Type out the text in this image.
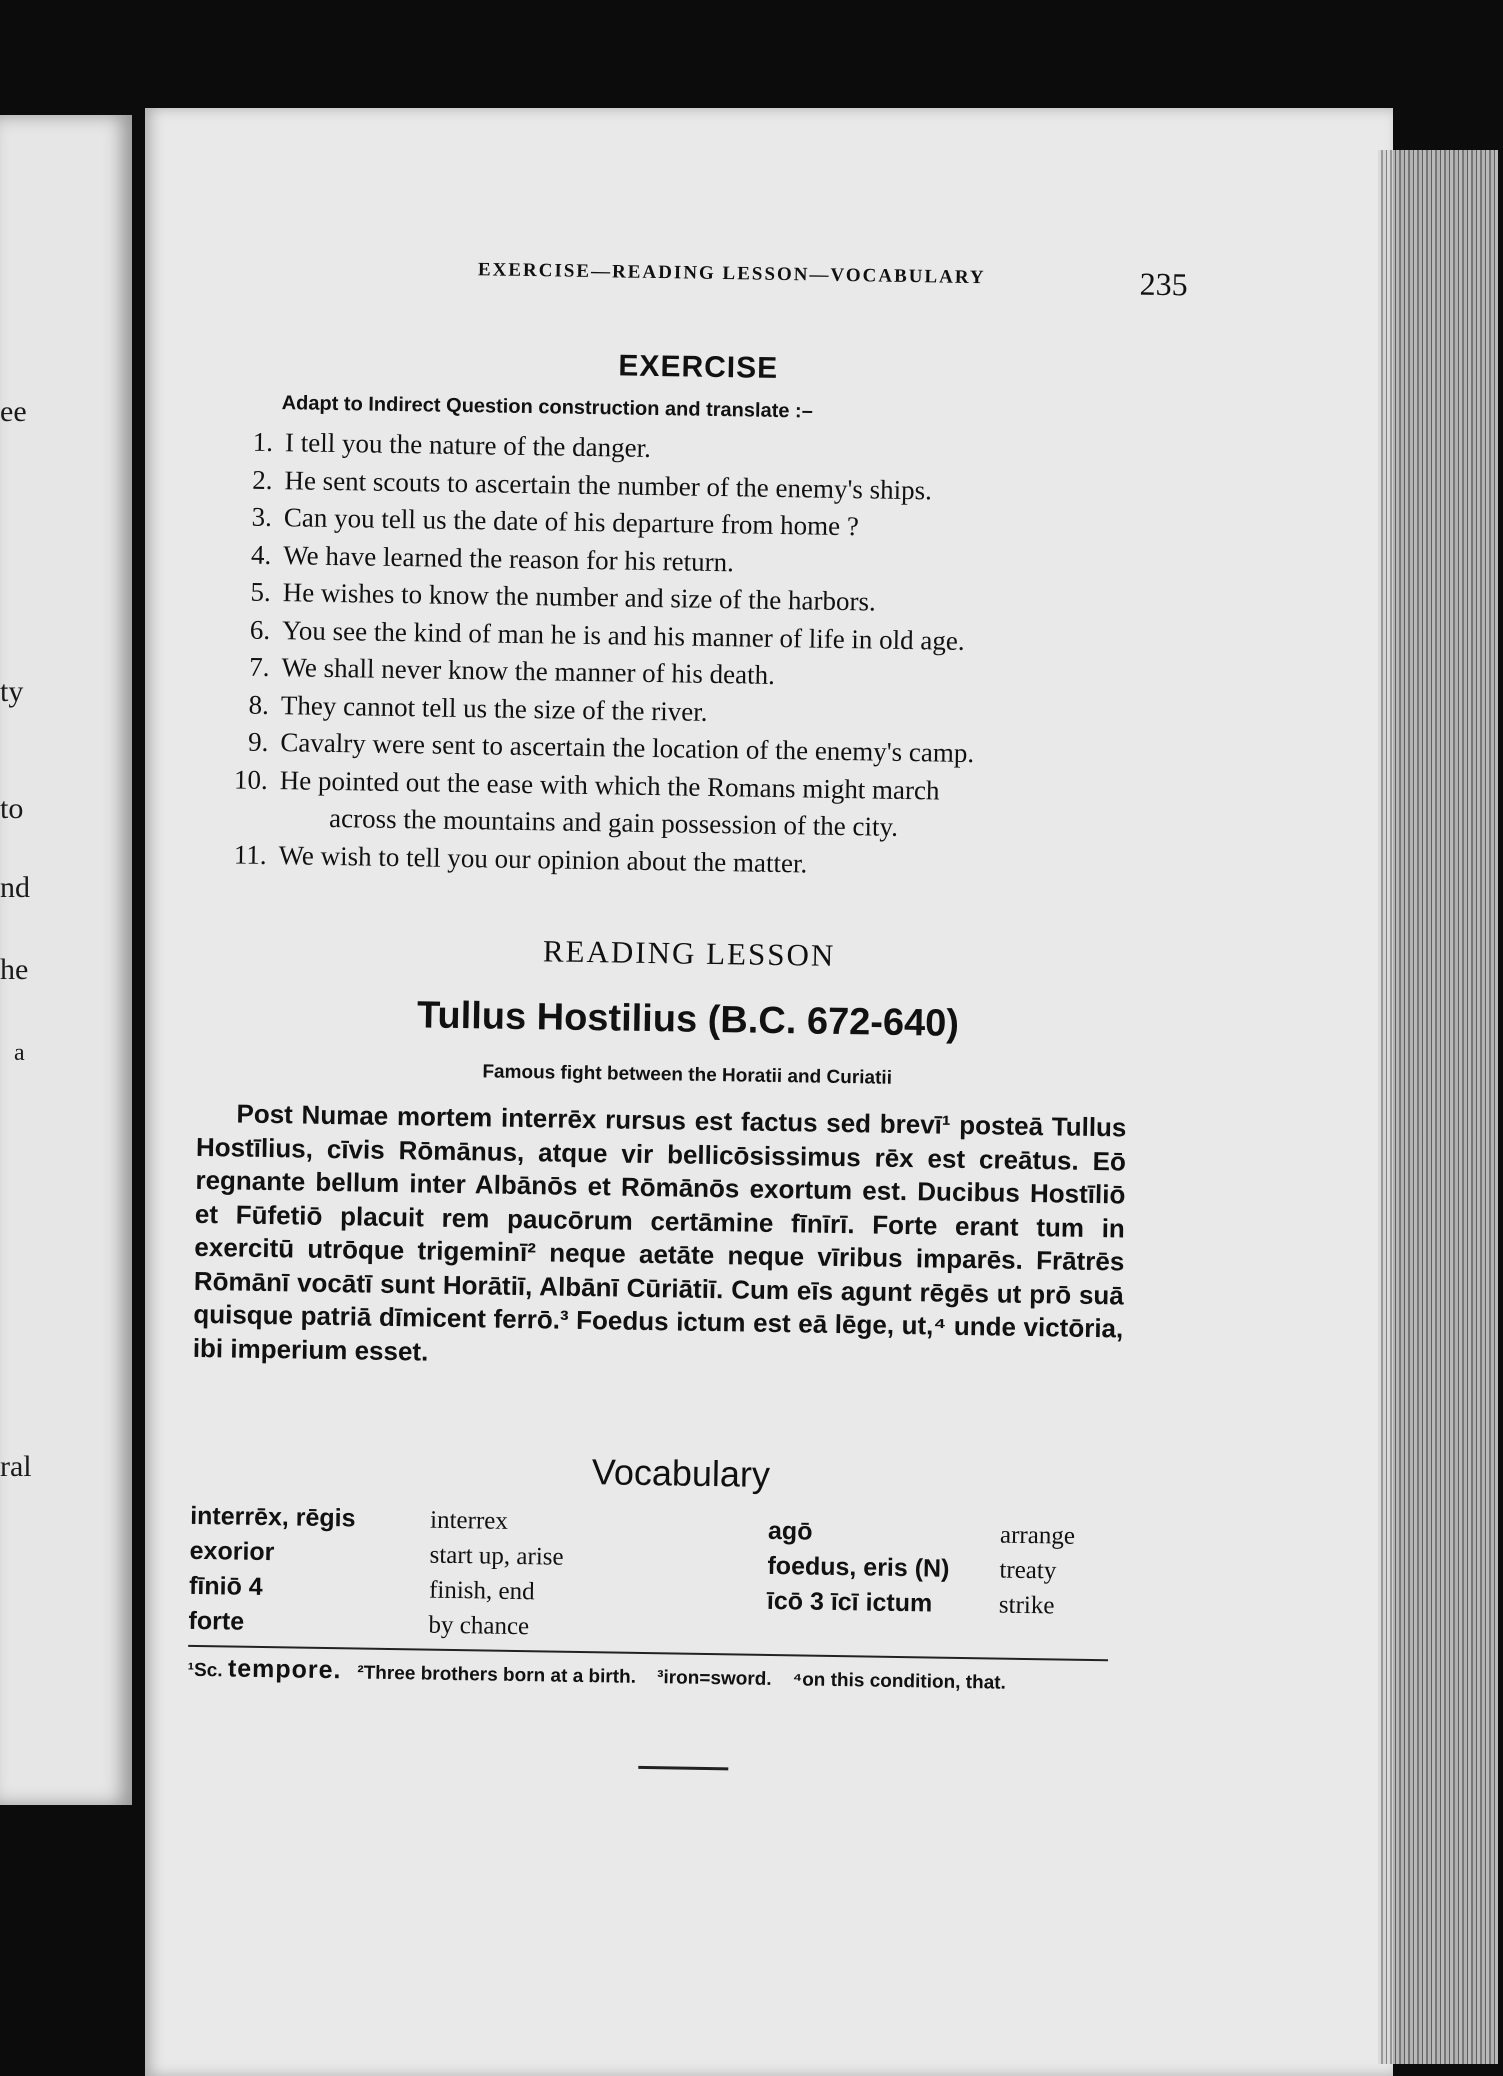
ee
ty
to
nd
he
a
ral
EXERCISE—READING LESSON—VOCABULARY	235
EXERCISE
Adapt to Indirect Question construction and translate :–
1. I tell you the nature of the danger.
2. He sent scouts to ascertain the number of the enemy's ships.
3. Can you tell us the date of his departure from home ?
4. We have learned the reason for his return.
5. He wishes to know the number and size of the harbors.
6. You see the kind of man he is and his manner of life in old age.
7. We shall never know the manner of his death.
8. They cannot tell us the size of the river.
9. Cavalry were sent to ascertain the location of the enemy's camp.
10. He pointed out the ease with which the Romans might march
across the mountains and gain possession of the city.
11. We wish to tell you our opinion about the matter.
READING LESSON
Tullus Hostilius (B.C. 672-640)
Famous fight between the Horatii and Curiatii
Post Numae mortem interrēx rursus est factus sed brevī¹ posteā Tullus Hostīlius, cīvis Rōmānus, atque vir bellicōsissimus rēx est creātus. Eō regnante bellum inter Albānōs et Rōmānōs exortum est. Ducibus Hostīliō et Fūfetiō placuit rem paucōrum certāmine fīnīrī. Forte erant tum in exercitū utrōque trigeminī² neque aetāte neque vīribus imparēs. Frātrēs Rōmānī vocātī sunt Horātiī, Albānī Cūriātiī. Cum eīs agunt rēgēs ut prō suā quisque patriā dīmicent ferrō.³ Foedus ictum est eā lēge, ut,⁴ unde victōria, ibi imperium esset.
Vocabulary
interrēx, rēgis
exorior
fīniō 4
forte
interrex
start up, arise
finish, end
by chance
agō
foedus, eris (N)
īcō 3 īcī ictum
arrange
treaty
strike
¹Sc. tempore. ²Three brothers born at a birth. ³iron=sword. ⁴on this condition, that.
